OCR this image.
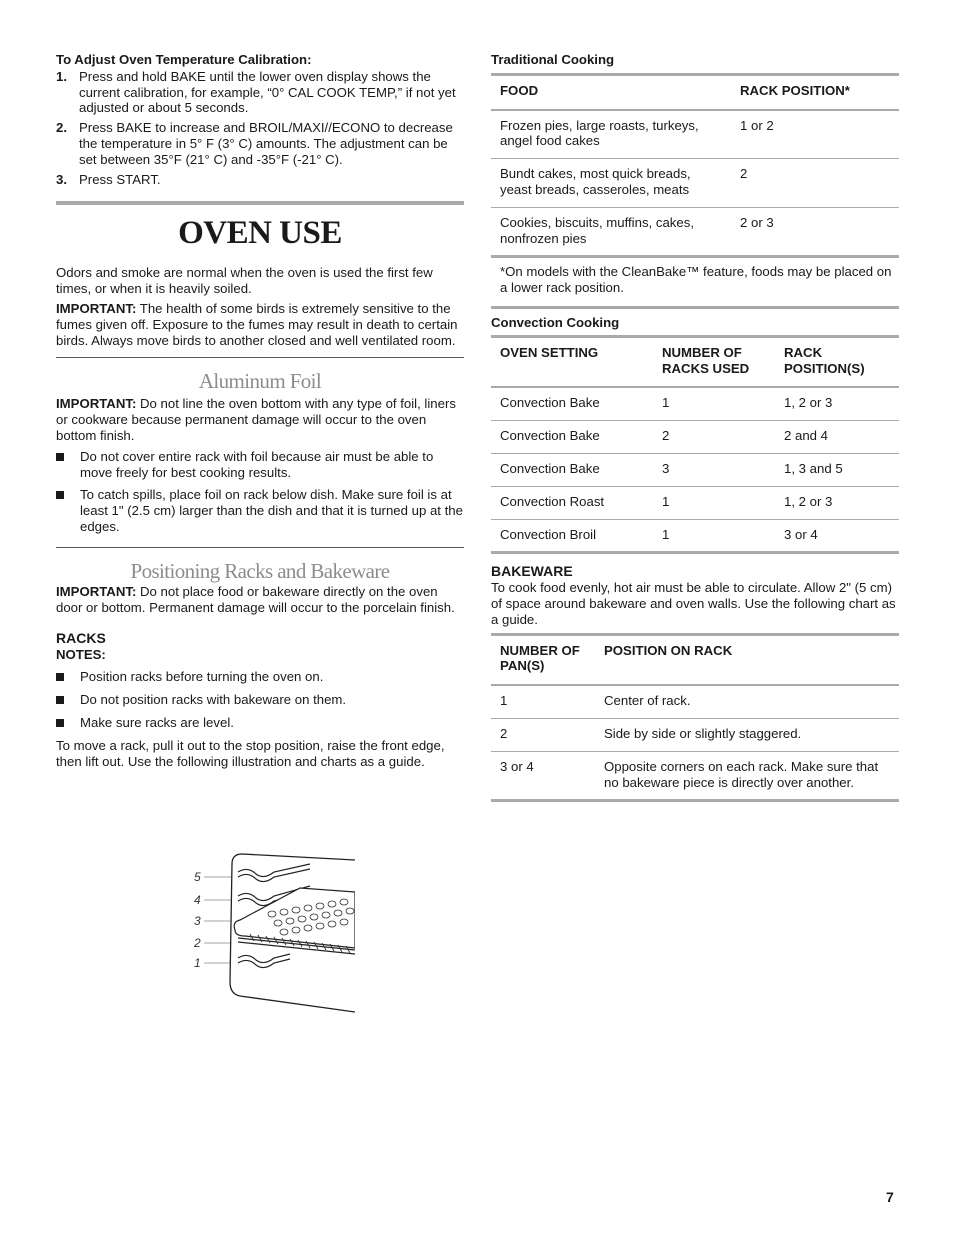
To Adjust Oven Temperature Calibration:

1. Press and hold BAKE until the lower oven display shows the current calibration, for example, “0° CAL COOK TEMP,” if not yet adjusted or about 5 seconds.
2. Press BAKE to increase and BROIL/MAXI//ECONO to decrease the temperature in 5° F (3° C) amounts. The adjustment can be set between 35°F (21° C) and -35°F (-21° C).
3. Press START.
OVEN USE

Odors and smoke are normal when the oven is used the first few times, or when it is heavily soiled.

IMPORTANT: The health of some birds is extremely sensitive to the fumes given off. Exposure to the fumes may result in death to certain birds. Always move birds to another closed and well ventilated room.

Aluminum Foil

IMPORTANT: Do not line the oven bottom with any type of foil, liners or cookware because permanent damage will occur to the oven bottom finish.

Do not cover entire rack with foil because air must be able to move freely for best cooking results.
To catch spills, place foil on rack below dish. Make sure foil is at least 1" (2.5 cm) larger than the dish and that it is turned up at the edges.
Positioning Racks and Bakeware

IMPORTANT: Do not place food or bakeware directly on the oven door or bottom. Permanent damage will occur to the porcelain finish.

RACKS

NOTES:

Position racks before turning the oven on.
Do not position racks with bakeware on them.
Make sure racks are level.

To move a rack, pull it out to the stop position, raise the front edge, then lift out. Use the following illustration and charts as a guide.

5
4
3
2
1

Traditional Cooking

FOOD	RACK POSITION*
Frozen pies, large roasts, turkeys, angel food cakes	1 or 2
Bundt cakes, most quick breads, yeast breads, casseroles, meats	2
Cookies, biscuits, muffins, cakes, nonfrozen pies	2 or 3
*On models with the CleanBake™ feature, foods may be placed on a lower rack position.

Convection Cooking

OVEN SETTING	NUMBER OF RACKS USED	RACK POSITION(S)
Convection Bake	1	1, 2 or 3
Convection Bake	2	2 and 4
Convection Bake	3	1, 3 and 5
Convection Roast	1	1, 2 or 3
Convection Broil	1	3 or 4

BAKEWARE

To cook food evenly, hot air must be able to circulate. Allow 2" (5 cm) of space around bakeware and oven walls. Use the following chart as a guide.

NUMBER OF PAN(S)	POSITION ON RACK
1	Center of rack.
2	Side by side or slightly staggered.
3 or 4	Opposite corners on each rack. Make sure that no bakeware piece is directly over another.
7
